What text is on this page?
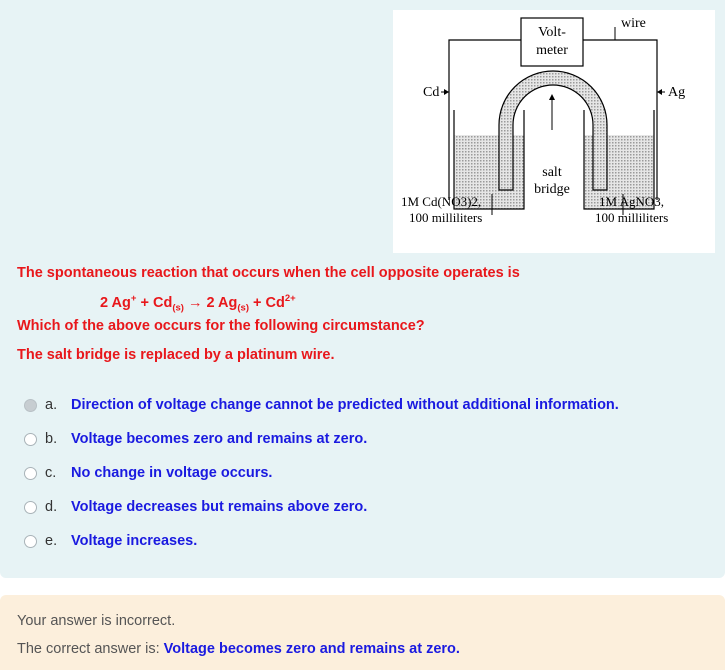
Volt-
meter
wire
Cd	Ag
salt
bridge
1M Cd(NO3)2,
100 milliliters
1M AgNO3,
100 milliliters
The spontaneous reaction that occurs when the cell opposite operates is
2 $Ag^+ + Cd_{(s)} \to 2$ $Ag_{(s)} + Cd^{2+}$
Which of the above occurs for the following circumstance?
The salt bridge is replaced by a platinum wire.
a. Direction of voltage change cannot be predicted without additional information.
b. Voltage becomes zero and remains at zero.
c.	No change in voltage occurs.
d. Voltage decreases but remains above zero.
e. Voltage increases.
Your answer is incorrect.
The correct answer is: Voltage becomes zero and remains at zero.
